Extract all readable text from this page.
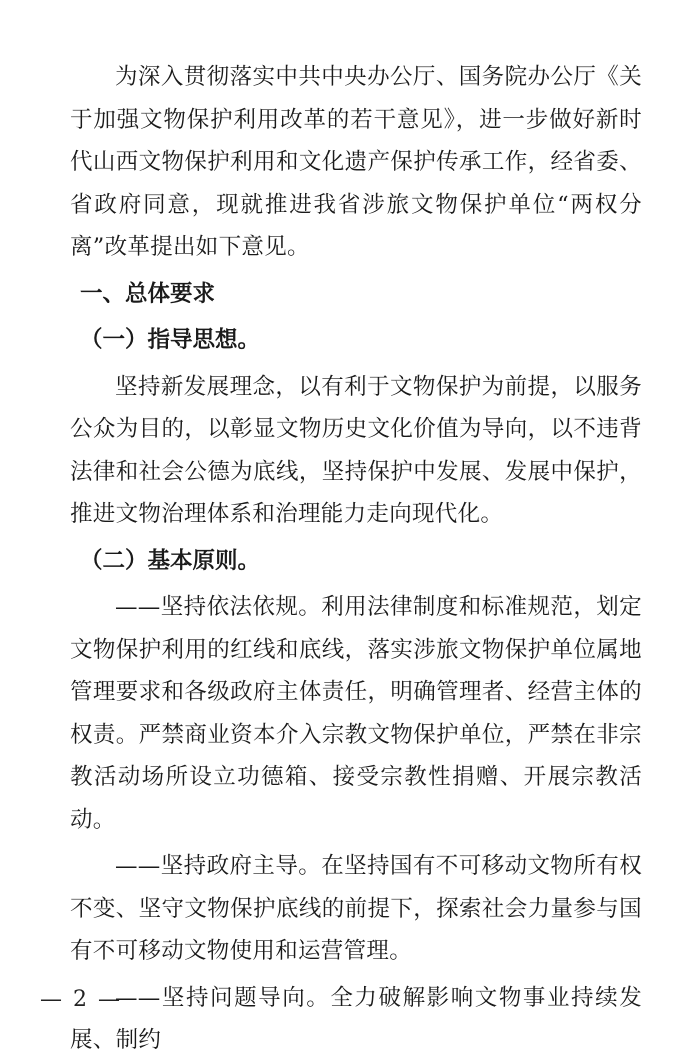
为深入贯彻落实中共中央办公厅、国务院办公厅《关于加强文物保护利用改革的若干意见》，进一步做好新时代山西文物保护利用和文化遗产保护传承工作，经省委、省政府同意，现就推进我省涉旅文物保护单位“两权分离”改革提出如下意见。

一、总体要求

（一）指导思想。

坚持新发展理念，以有利于文物保护为前提，以服务公众为目的，以彰显文物历史文化价值为导向，以不违背法律和社会公德为底线，坚持保护中发展、发展中保护，推进文物治理体系和治理能力走向现代化。

（二）基本原则。

——坚持依法依规。利用法律制度和标准规范，划定文物保护利用的红线和底线，落实涉旅文物保护单位属地管理要求和各级政府主体责任，明确管理者、经营主体的权责。严禁商业资本介入宗教文物保护单位，严禁在非宗教活动场所设立功德箱、接受宗教性捐赠、开展宗教活动。

——坚持政府主导。在坚持国有不可移动文物所有权不变、坚守文物保护底线的前提下，探索社会力量参与国有不可移动文物使用和运营管理。

——坚持问题导向。全力破解影响文物事业持续发展、制约

— 2 —
